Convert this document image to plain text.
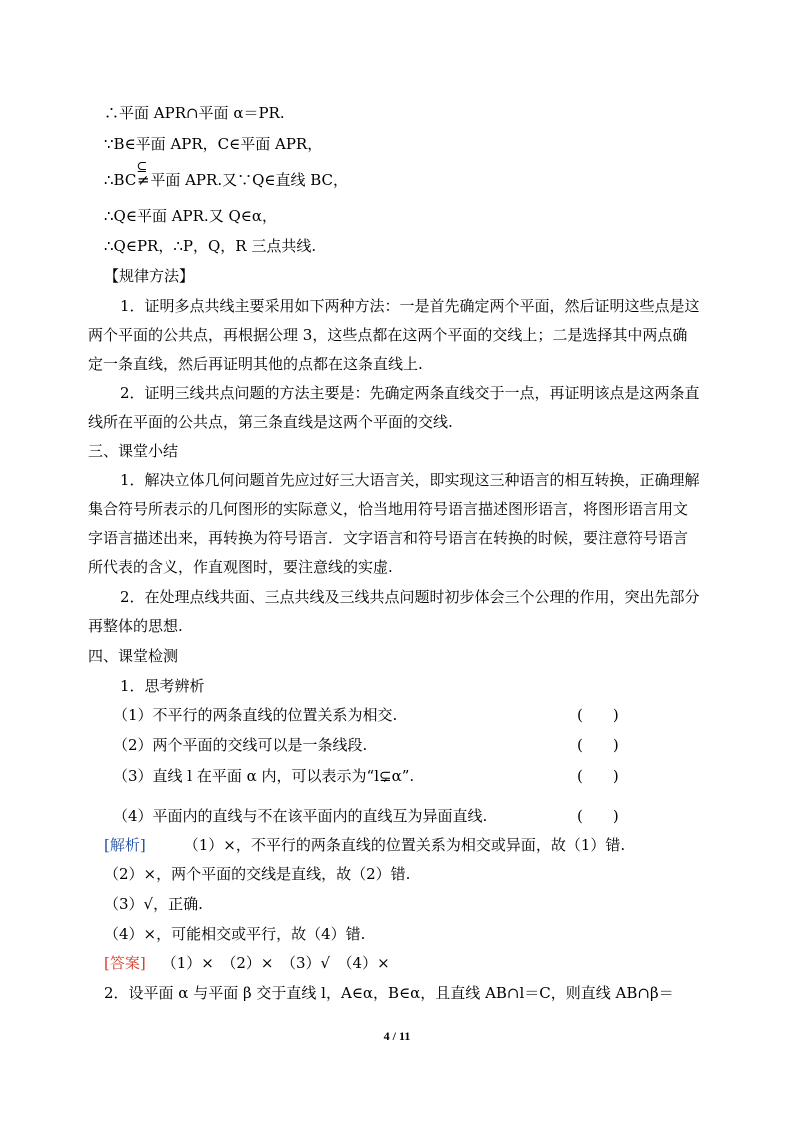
∴平面 APR∩平面 α＝PR.
∵B∈平面 APR，C∈平面 APR，
∴BC
⊆
≠平面 APR.又∵Q∈直线 BC，
∴Q∈平面 APR.又 Q∈α，
∴Q∈PR，∴P，Q，R 三点共线.
【规律方法】
1．证明多点共线主要采用如下两种方法：一是首先确定两个平面，然后证明这些点是这
两个平面的公共点，再根据公理 3，这些点都在这两个平面的交线上；二是选择其中两点确
定一条直线，然后再证明其他的点都在这条直线上.
2．证明三线共点问题的方法主要是：先确定两条直线交于一点，再证明该点是这两条直
线所在平面的公共点，第三条直线是这两个平面的交线.
三、课堂小结
1．解决立体几何问题首先应过好三大语言关，即实现这三种语言的相互转换，正确理解
集合符号所表示的几何图形的实际意义，恰当地用符号语言描述图形语言，将图形语言用文
字语言描述出来，再转换为符号语言．文字语言和符号语言在转换的时候，要注意符号语言
所代表的含义，作直观图时，要注意线的实虚.
2．在处理点线共面、三点共线及三线共点问题时初步体会三个公理的作用，突出先部分
再整体的思想.
四、课堂检测
1．思考辨析
（1）不平行的两条直线的位置关系为相交.	(　　)
（2）两个平面的交线可以是一条线段.	(　　)
（3）直线 l 在平面 α 内，可以表示为“l⊊α”.	(　　)
（4）平面内的直线与不在该平面内的直线互为异面直线.	(　　)
[解析]	（1）×，不平行的两条直线的位置关系为相交或异面，故（1）错.
（2）×，两个平面的交线是直线，故（2）错.
（3）√，正确.
（4）×，可能相交或平行，故（4）错.
[答案] （1）×　（2）×　（3）√　（4）×
2．设平面 α 与平面 β 交于直线 l，A∈α，B∈α，且直线 AB∩l＝C，则直线 AB∩β＝
4 / 11
